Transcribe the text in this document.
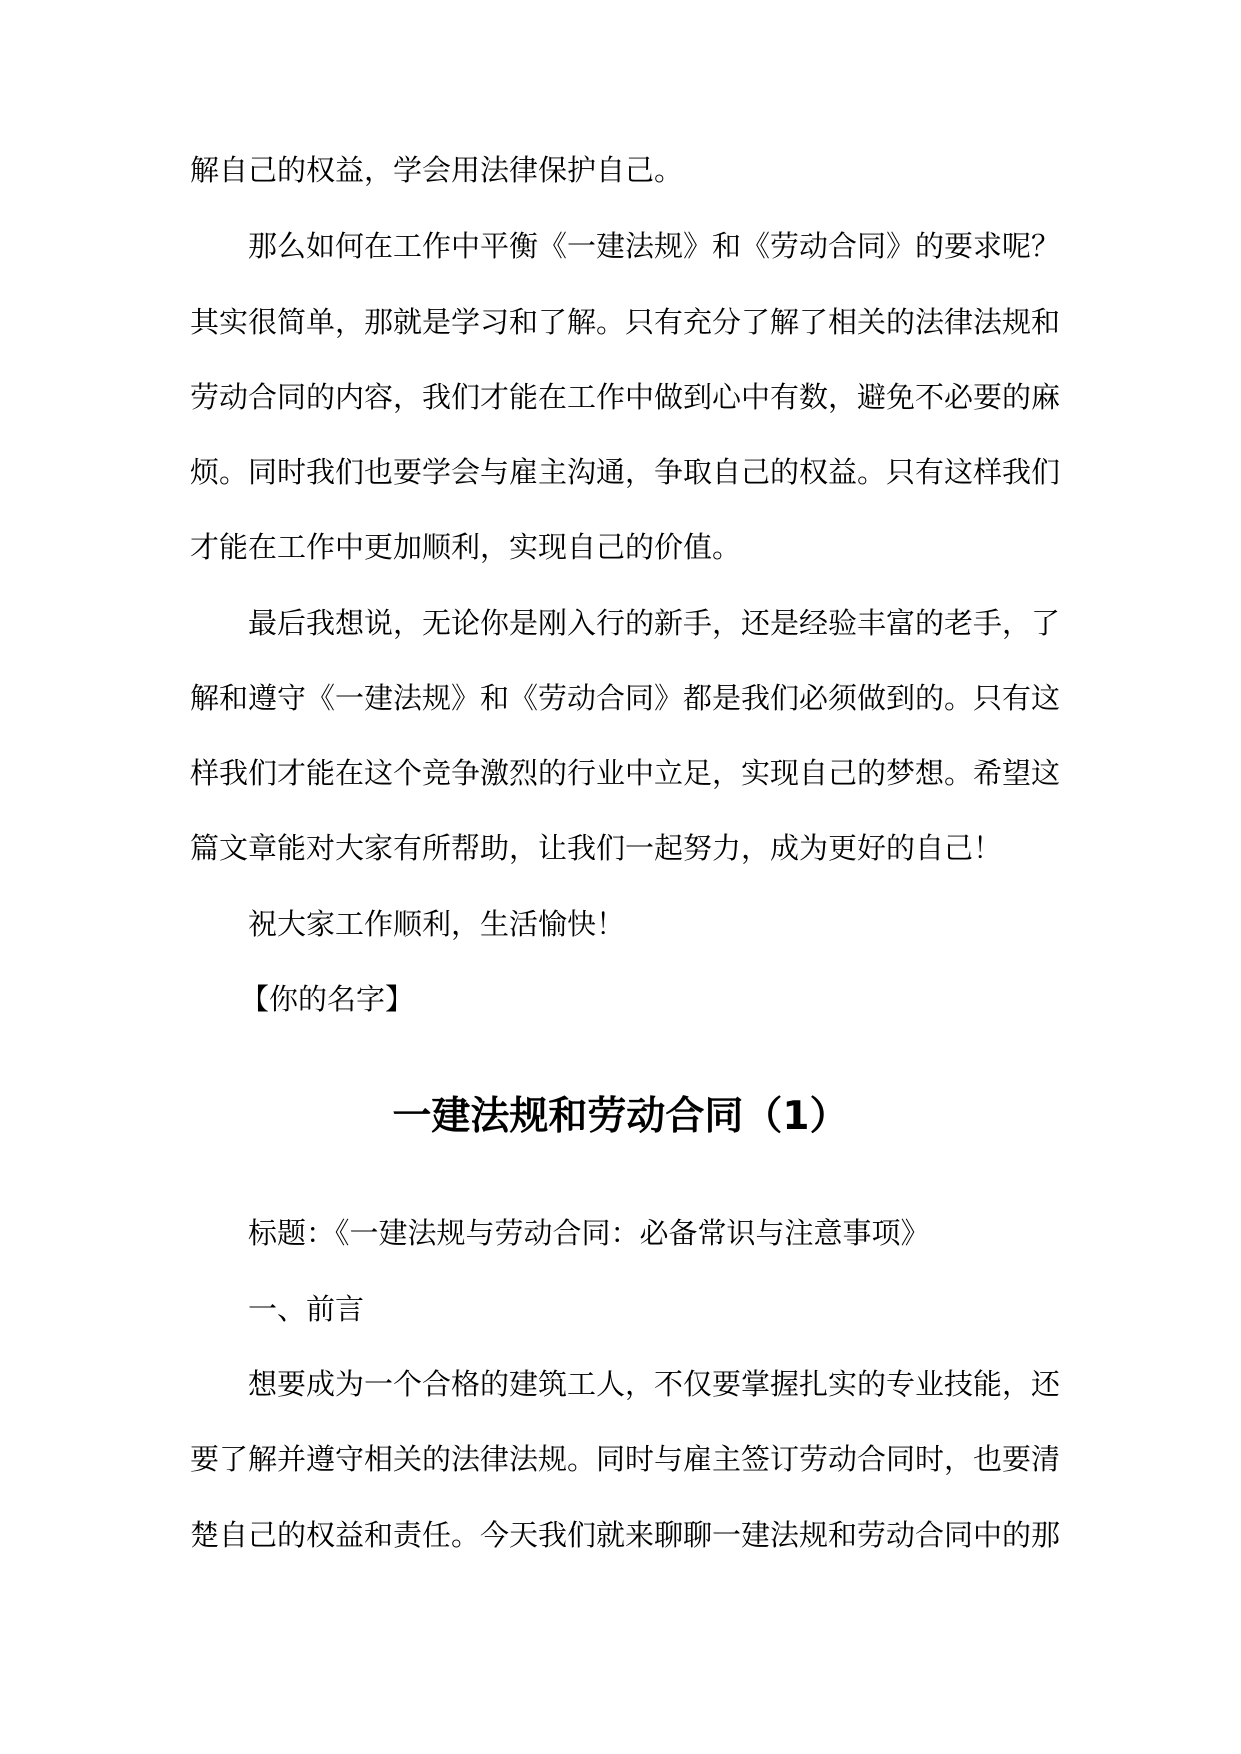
解自己的权益，学会用法律保护自己。
那么如何在工作中平衡《一建法规》和《劳动合同》的要求呢？
其实很简单，那就是学习和了解。只有充分了解了相关的法律法规和
劳动合同的内容，我们才能在工作中做到心中有数，避免不必要的麻
烦。同时我们也要学会与雇主沟通，争取自己的权益。只有这样我们
才能在工作中更加顺利，实现自己的价值。
最后我想说，无论你是刚入行的新手，还是经验丰富的老手，了
解和遵守《一建法规》和《劳动合同》都是我们必须做到的。只有这
样我们才能在这个竞争激烈的行业中立足，实现自己的梦想。希望这
篇文章能对大家有所帮助，让我们一起努力，成为更好的自己！
祝大家工作顺利，生活愉快！
【你的名字】
一建法规和劳动合同（1）
标题：《一建法规与劳动合同：必备常识与注意事项》
一、前言
想要成为一个合格的建筑工人，不仅要掌握扎实的专业技能，还
要了解并遵守相关的法律法规。同时与雇主签订劳动合同时，也要清
楚自己的权益和责任。今天我们就来聊聊一建法规和劳动合同中的那
